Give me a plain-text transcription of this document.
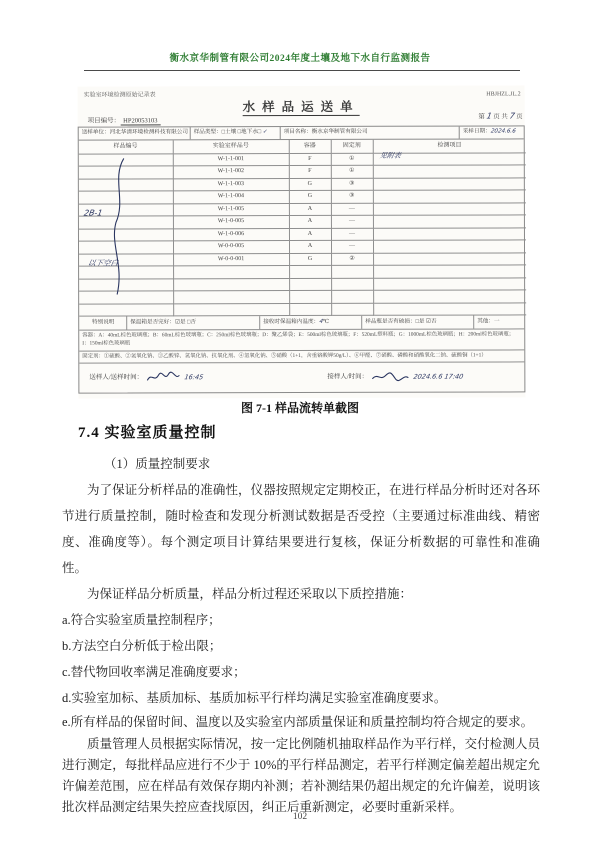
衡水京华制管有限公司2024年度土壤及地下水自行监测报告
实验室环境检测原始记录表	HBJHZL.JL.2
水样品运送单
项目编号： HP20053103
第 1 页 共 7 页
送样单位：河北华清环境检测科技有限公司	样品类型：□土壤 □地下水□ ✓	项目名称：衡水京华制管有限公司	采样日期：2024.6.6
样品编号	实验室样品号	容器	固定剂	检测项目
	W-1-1-001	F	①	
	W-1-1-002	F	①	
	W-1-1-003	G	③	
	W-1-1-004	G	③	
	W-1-1-005	A	—	
	W-1-0-005	A	—	
	W-1-0-006	A	—	
	W-0-0-005	A	—	
	W-0-0-001	G	②	

特别说明	保温箱是否完好：☑是 □否	接收时保温箱内温度：4℃	样品瓶是否有破损：□是 ☑否	其他：一
容器：A：40mL棕色玻璃瓶；B：60mL棕色玻璃瓶；C：250ml棕色玻璃瓶；D：聚乙烯袋；E：500ml棕色玻璃瓶；F：520mL塑料瓶；G：1000mL棕色玻璃瓶；H：200ml棕色玻璃瓶；I：150ml棕色玻璃瓶
固定剂：①硫酸、②氢氧化钠、③乙酸锌、氢氧化钠、抗氧化剂、④氢氧化钠、⑤硝酸（1+1，含重铬酸钾50g/L）、⑥甲醛、⑦硝酸、磷酸和硝酸氧化二钠、硫酸铜（1+1）
送样人/送样时间：	16:45	接样人/时间：	2024.6.6 17:40
2B-1
以下空白
见附表
图 7-1 样品流转单截图
7.4 实验室质量控制
（1）质量控制要求
为了保证分析样品的准确性，仪器按照规定定期校正，在进行样品分析时还对各环节进行质量控制，随时检查和发现分析测试数据是否受控（主要通过标准曲线、精密度、准确度等）。每个测定项目计算结果要进行复核，保证分析数据的可靠性和准确性。
为保证样品分析质量，样品分析过程还采取以下质控措施：
a.符合实验室质量控制程序；
b.方法空白分析低于检出限；
c.替代物回收率满足准确度要求；
d.实验室加标、基质加标、基质加标平行样均满足实验室准确度要求。
e.所有样品的保留时间、温度以及实验室内部质量保证和质量控制均符合规定的要求。
质量管理人员根据实际情况，按一定比例随机抽取样品作为平行样，交付检测人员进行测定，每批样品应进行不少于 10%的平行样品测定，若平行样测定偏差超出规定允许偏差范围，应在样品有效保存期内补测；若补测结果仍超出规定的允许偏差，说明该批次样品测定结果失控应查找原因，纠正后重新测定，必要时重新采样。
102
